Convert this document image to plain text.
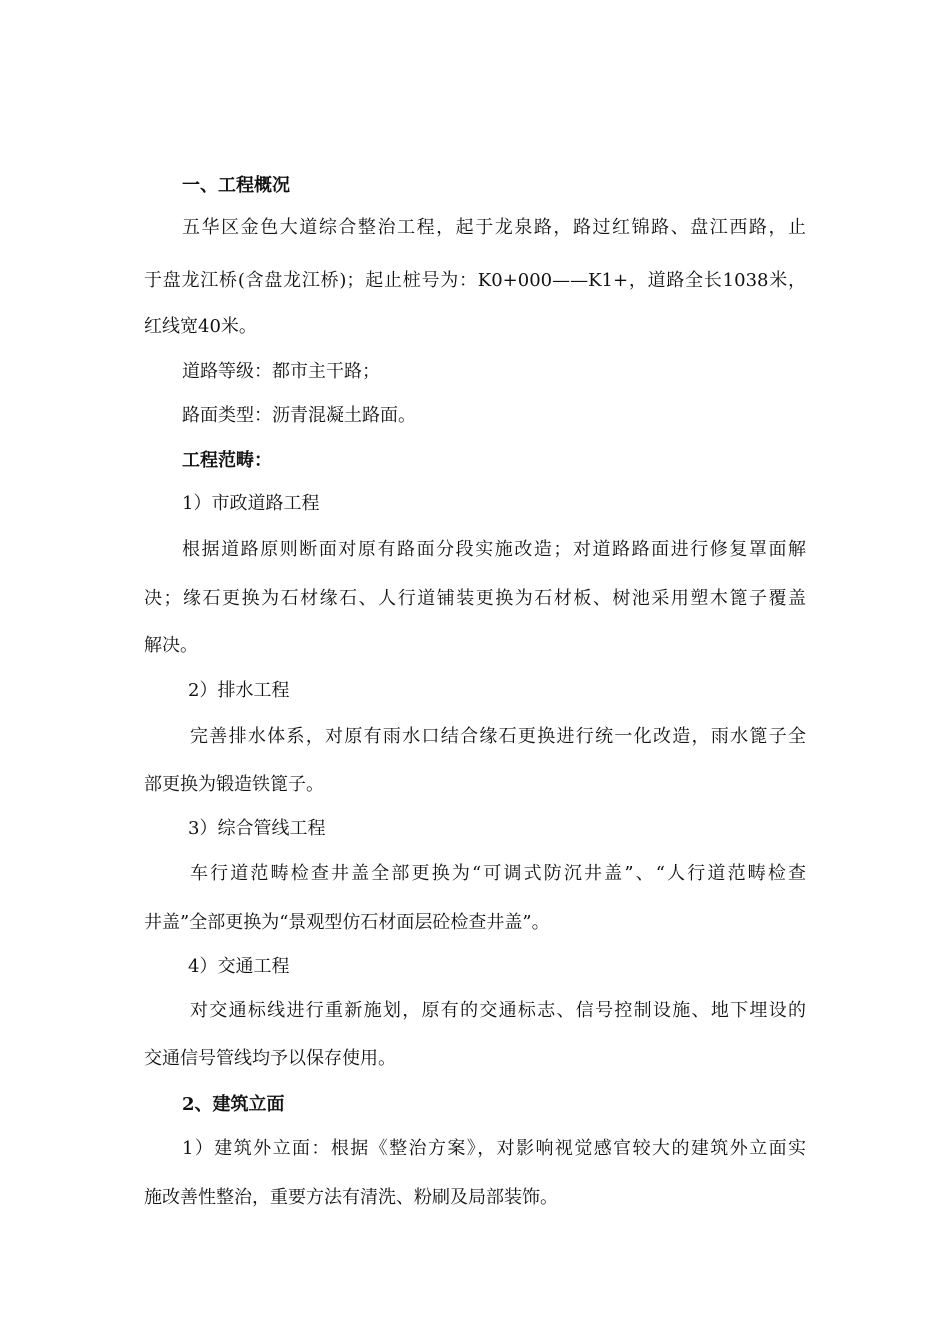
一、工程概况
五华区金色大道综合整治工程，起于龙泉路，路过红锦路、盘江西路，止
于盘龙江桥(含盘龙江桥)；起止桩号为：K0+000——K1+，道路全长1038米，
红线宽40米。
道路等级：都市主干路；
路面类型：沥青混凝土路面。
工程范畴：
1）市政道路工程
根据道路原则断面对原有路面分段实施改造；对道路路面进行修复罩面解
决；缘石更换为石材缘石、人行道铺装更换为石材板、树池采用塑木篦子覆盖
解决。
2）排水工程
完善排水体系，对原有雨水口结合缘石更换进行统一化改造，雨水篦子全
部更换为锻造铁篦子。
3）综合管线工程
车行道范畴检查井盖全部更换为“可调式防沉井盖”、“人行道范畴检查
井盖”全部更换为“景观型仿石材面层砼检查井盖”。
4）交通工程
对交通标线进行重新施划，原有的交通标志、信号控制设施、地下埋设的
交通信号管线均予以保存使用。
2、建筑立面
1）建筑外立面：根据《整治方案》，对影响视觉感官较大的建筑外立面实
施改善性整治，重要方法有清洗、粉刷及局部装饰。
